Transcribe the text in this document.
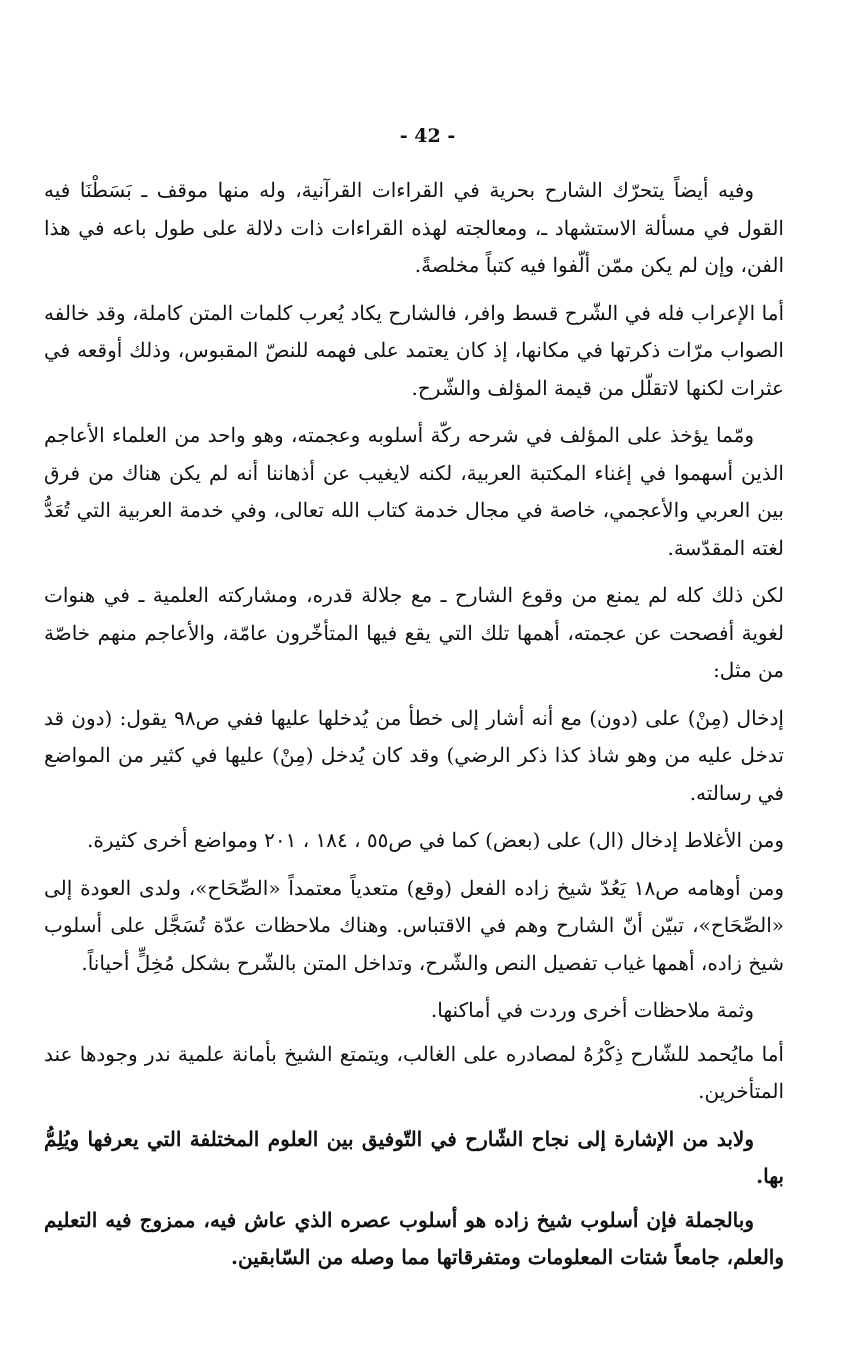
- 42 -

وفيه أيضاً يتحرّك الشارح بحرية في القراءات القرآنية، وله منها موقف ـ بَسَطْنَا فيه القول في مسألة الاستشهاد ـ، ومعالجته لهذه القراءات ذات دلالة على طول باعه في هذا الفن، وإن لم يكن ممّن ألّفوا فيه كتباً مخلصةً.

أما الإعراب فله في الشّرح قسط وافر، فالشارح يكاد يُعرب كلمات المتن كاملة، وقد خالفه الصواب مرّات ذكرتها في مكانها، إذ كان يعتمد على فهمه للنصّ المقبوس، وذلك أوقعه في عثرات لكنها لاتقلّل من قيمة المؤلف والشّرح.

ومّما يؤخذ على المؤلف في شرحه ركّة أسلوبه وعجمته، وهو واحد من العلماء الأعاجم الذين أسهموا في إغناء المكتبة العربية، لكنه لايغيب عن أذهاننا أنه لم يكن هناك من فرق بين العربي والأعجمي، خاصة في مجال خدمة كتاب الله تعالى، وفي خدمة العربية التي تُعَدُّ لغته المقدّسة.

لكن ذلك كله لم يمنع من وقوع الشارح ـ مع جلالة قدره، ومشاركته العلمية ـ في هنوات لغوية أفصحت عن عجمته، أهمها تلك التي يقع فيها المتأخّرون عامّة، والأعاجم منهم خاصّة من مثل:

إدخال (مِنْ) على (دون) مع أنه أشار إلى خطأ من يُدخلها عليها ففي ص٩٨ يقول: (دون قد تدخل عليه من وهو شاذ كذا ذكر الرضي) وقد كان يُدخل (مِنْ) عليها في كثير من المواضع في رسالته.

ومن الأغلاط إدخال (ال) على (بعض) كما في ص٥٥ ، ١٨٤ ، ٢٠١ ومواضع أخرى كثيرة.

ومن أوهامه ص١٨ يَعُدّ شيخ زاده الفعل (وقع) متعدياً معتمداً «الصِّحَاح»، ولدى العودة إلى «الصِّحَاح»، تبيّن أنّ الشارح وهم في الاقتباس. وهناك ملاحظات عدّة تُسَجَّل على أسلوب شيخ زاده، أهمها غياب تفصيل النص والشّرح، وتداخل المتن بالشّرح بشكل مُخِلٍّ أحياناً.

وثمة ملاحظات أخرى وردت في أماكنها.

أما مايُحمد للشّارح ذِكْرُهُ لمصادره على الغالب، ويتمتع الشيخ بأمانة علمية ندر وجودها عند المتأخرين.

ولابد من الإشارة إلى نجاح الشّارح في التّوفيق بين العلوم المختلفة التي يعرفها ويُلِمُّ بها.

وبالجملة فإن أسلوب شيخ زاده هو أسلوب عصره الذي عاش فيه، ممزوج فيه التعليم والعلم، جامعاً شتات المعلومات ومتفرقاتها مما وصله من السّابقين.
